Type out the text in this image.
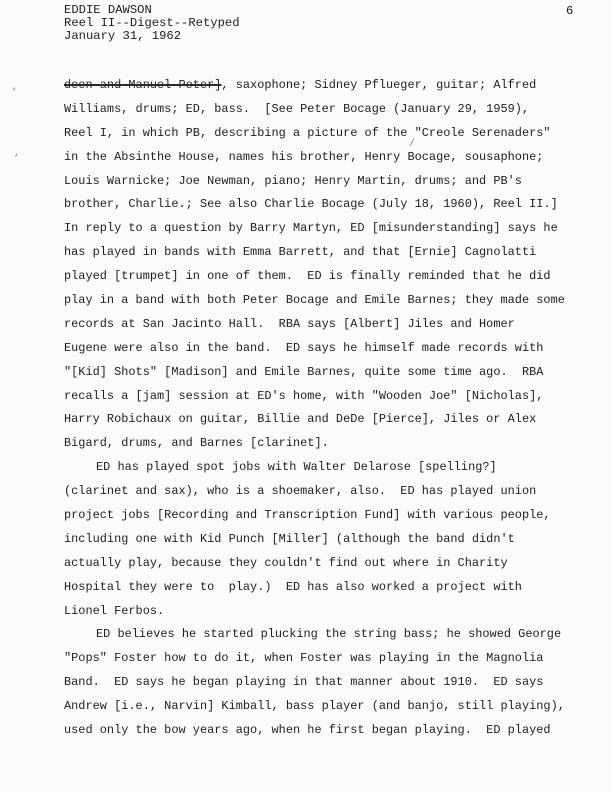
EDDIE DAWSON
Reel II--Digest--Retyped
January 31, 1962
6
'
,
/
deen and Manuel Peter], saxophone; Sidney Pflueger, guitar; Alfred
Williams, drums; ED, bass.  [See Peter Bocage (January 29, 1959),
Reel I, in which PB, describing a picture of the "Creole Serenaders"
in the Absinthe House, names his brother, Henry Bocage, sousaphone;
Louis Warnicke; Joe Newman, piano; Henry Martin, drums; and PB's
brother, Charlie.; See also Charlie Bocage (July 18, 1960), Reel II.]
In reply to a question by Barry Martyn, ED [misunderstanding] says he
has played in bands with Emma Barrett, and that [Ernie] Cagnolatti
played [trumpet] in one of them.  ED is finally reminded that he did
play in a band with both Peter Bocage and Emile Barnes; they made some
records at San Jacinto Hall.  RBA says [Albert] Jiles and Homer
Eugene were also in the band.  ED says he himself made records with
"[Kid] Shots" [Madison] and Emile Barnes, quite some time ago.  RBA
recalls a [jam] session at ED's home, with "Wooden Joe" [Nicholas],
Harry Robichaux on guitar, Billie and DeDe [Pierce], Jiles or Alex
Bigard, drums, and Barnes [clarinet].
ED has played spot jobs with Walter Delarose [spelling?]
(clarinet and sax), who is a shoemaker, also.  ED has played union
project jobs [Recording and Transcription Fund] with various people,
including one with Kid Punch [Miller] (although the band didn't
actually play, because they couldn't find out where in Charity
Hospital they were to  play.)  ED has also worked a project with
Lionel Ferbos.
ED believes he started plucking the string bass; he showed George
"Pops" Foster how to do it, when Foster was playing in the Magnolia
Band.  ED says he began playing in that manner about 1910.  ED says
Andrew [i.e., Narvin] Kimball, bass player (and banjo, still playing),
used only the bow years ago, when he first began playing.  ED played
